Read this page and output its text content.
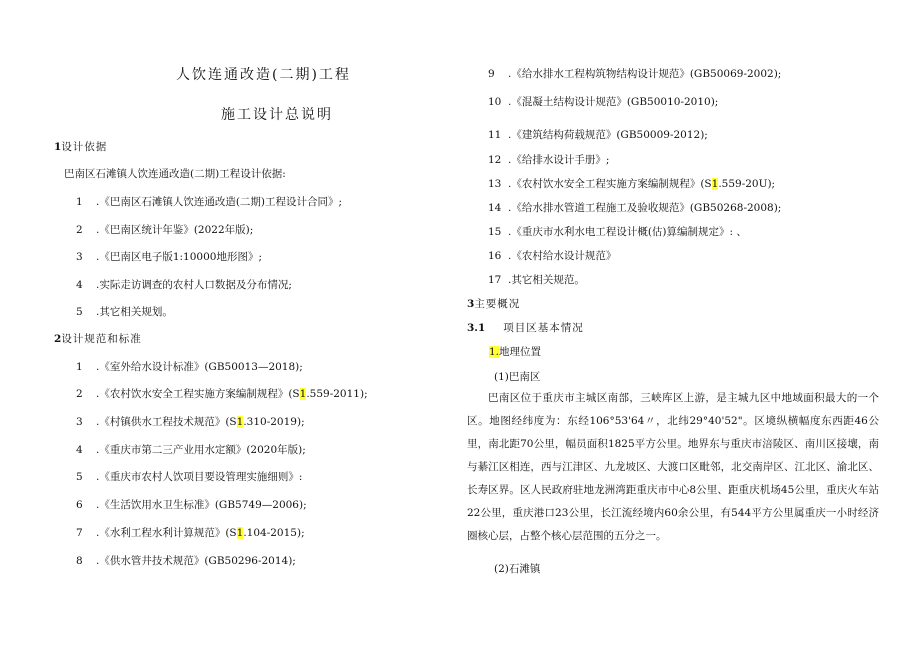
人饮连通改造(二期)工程
施工设计总说明
1设计依据
巴南区石滩镇人饮连通改造(二期)工程设计依据:
1 .《巴南区石滩镇人饮连通改造(二期)工程设计合同》;
2 .《巴南区统计年鉴》(2022年版);
3 .《巴南区电子版1:10000地形图》;
4 .实际走访调查的农村人口数据及分布情况;
5 .其它相关规划。
2设计规范和标准
1 .《室外给水设计标准》(GB50013—2018);
2 .《农村饮水安全工程实施方案编制规程》(S1.559-2011);
3 .《村镇供水工程技术规范》(S1.310-2019);
4 .《重庆市第二三产业用水定额》(2020年版);
5 .《重庆市农村人饮项目要设管理实施细则》:
6 .《生活饮用水卫生标准》(GB5749—2006);
7 .《水利工程水利计算规范》(S1.104-2015);
8 .《供水管井技术规范》(GB50296-2014);
9 .《给水排水工程构筑物结构设计规范》(GB50069-2002);
10 .《混凝土结构设计规范》(GB50010-2010);
11 .《建筑结构荷载规范》(GB50009-2012);
12 .《给排水设计手册》;
13 .《农村饮水安全工程实施方案编制规程》(S1.559-20U);
14 .《给水排水管道工程施工及验收规范》(GB50268-2008);
15 .《重庆市水利水电工程设计概(估)算编制规定》: 、
16 .《农村给水设计规范》
17 .其它相关规范。
3主要概况
3.1 项目区基本情况
1.地理位置
(1)巴南区
巴南区位于重庆市主城区南部，三峡库区上游，是主城九区中地域面积最大的一个区。地图经纬度为：东经106°53'64〃，北纬29°40'52"。区境纵横幅度东西距46公里，南北距70公里，幅员面积1825平方公里。地界东与重庆市涪陵区、南川区接壤，南与綦江区相连，西与江津区、九龙坡区、大渡口区毗邻，北交南岸区、江北区、渝北区、长寿区界。区人民政府驻地龙洲湾距重庆市中心8公里、距重庆机场45公里，重庆火车站22公里，重庆港口23公里，长江流经境内60余公里，有544平方公里属重庆一小时经济圈核心层，占整个核心层范围的五分之一。
(2)石滩镇
